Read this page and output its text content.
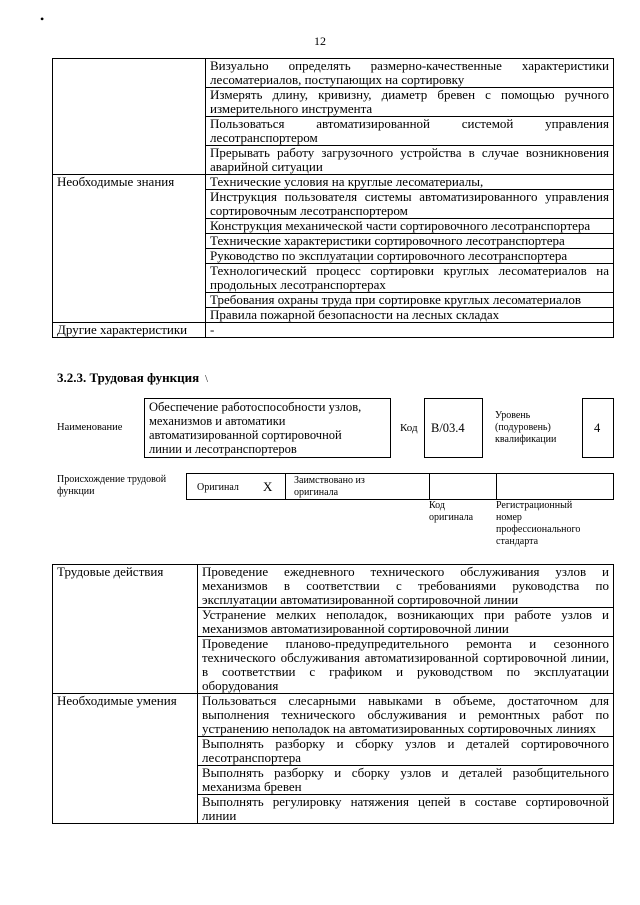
12
•

	Визуально определять размерно-качественные характеристики
лесоматериалов, поступающих на сортировку

	Измерять длину, кривизну, диаметр бревен с помощью ручного
измерительного инструмента

	Пользоваться автоматизированной системой управления
лесотранспортером

	Прерывать работу загрузочного устройства в случае возникновения
аварийной ситуации

Необходимые знания	Технические условия на круглые лесоматериалы,

	Инструкция пользователя системы автоматизированного управления
сортировочным лесотранспортером

	Конструкция механической части сортировочного лесотранспортера

	Технические характеристики сортировочного лесотранспортера

	Руководство по эксплуатации сортировочного лесотранспортера

	Технологический процесс сортировки круглых лесоматериалов на
продольных лесотранспортерах

	Требования охраны труда при сортировке круглых лесоматериалов

	Правила пожарной безопасности на лесных складах

Другие характеристики	-
3.2.3. Трудовая функция \
Наименование
Обеспечение работоспособности узлов,
механизмов и автоматики
автоматизированной сортировочной
линии и лесотранспортеров
Код B/03.4
Уровень
(подуровень)
квалификации
4
Происхождение трудовой
функции	Оригинал X Заимствовано из
оригинала
Код
оригинала
Регистрационный
номер
профессионального
стандарта
Трудовые действия	Проведение ежедневного технического обслуживания узлов и
механизмов в соответствии с требованиями руководства по
эксплуатации автоматизированной сортировочной линии

	Устранение мелких неполадок, возникающих при работе узлов и
механизмов автоматизированной сортировочной линии

	Проведение планово-предупредительного ремонта и сезонного
технического обслуживания автоматизированной сортировочной линии,
в соответствии с графиком и руководством по эксплуатации
оборудования

Необходимые умения	Пользоваться слесарными навыками в объеме, достаточном для
выполнения технического обслуживания и ремонтных работ по
устранению неполадок на автоматизированных сортировочных линиях

	Выполнять разборку и сборку узлов и деталей сортировочного
лесотранспортера

	Выполнять разборку и сборку узлов и деталей разобщительного
механизма бревен

	Выполнять регулировку натяжения цепей в составе сортировочной
линии
